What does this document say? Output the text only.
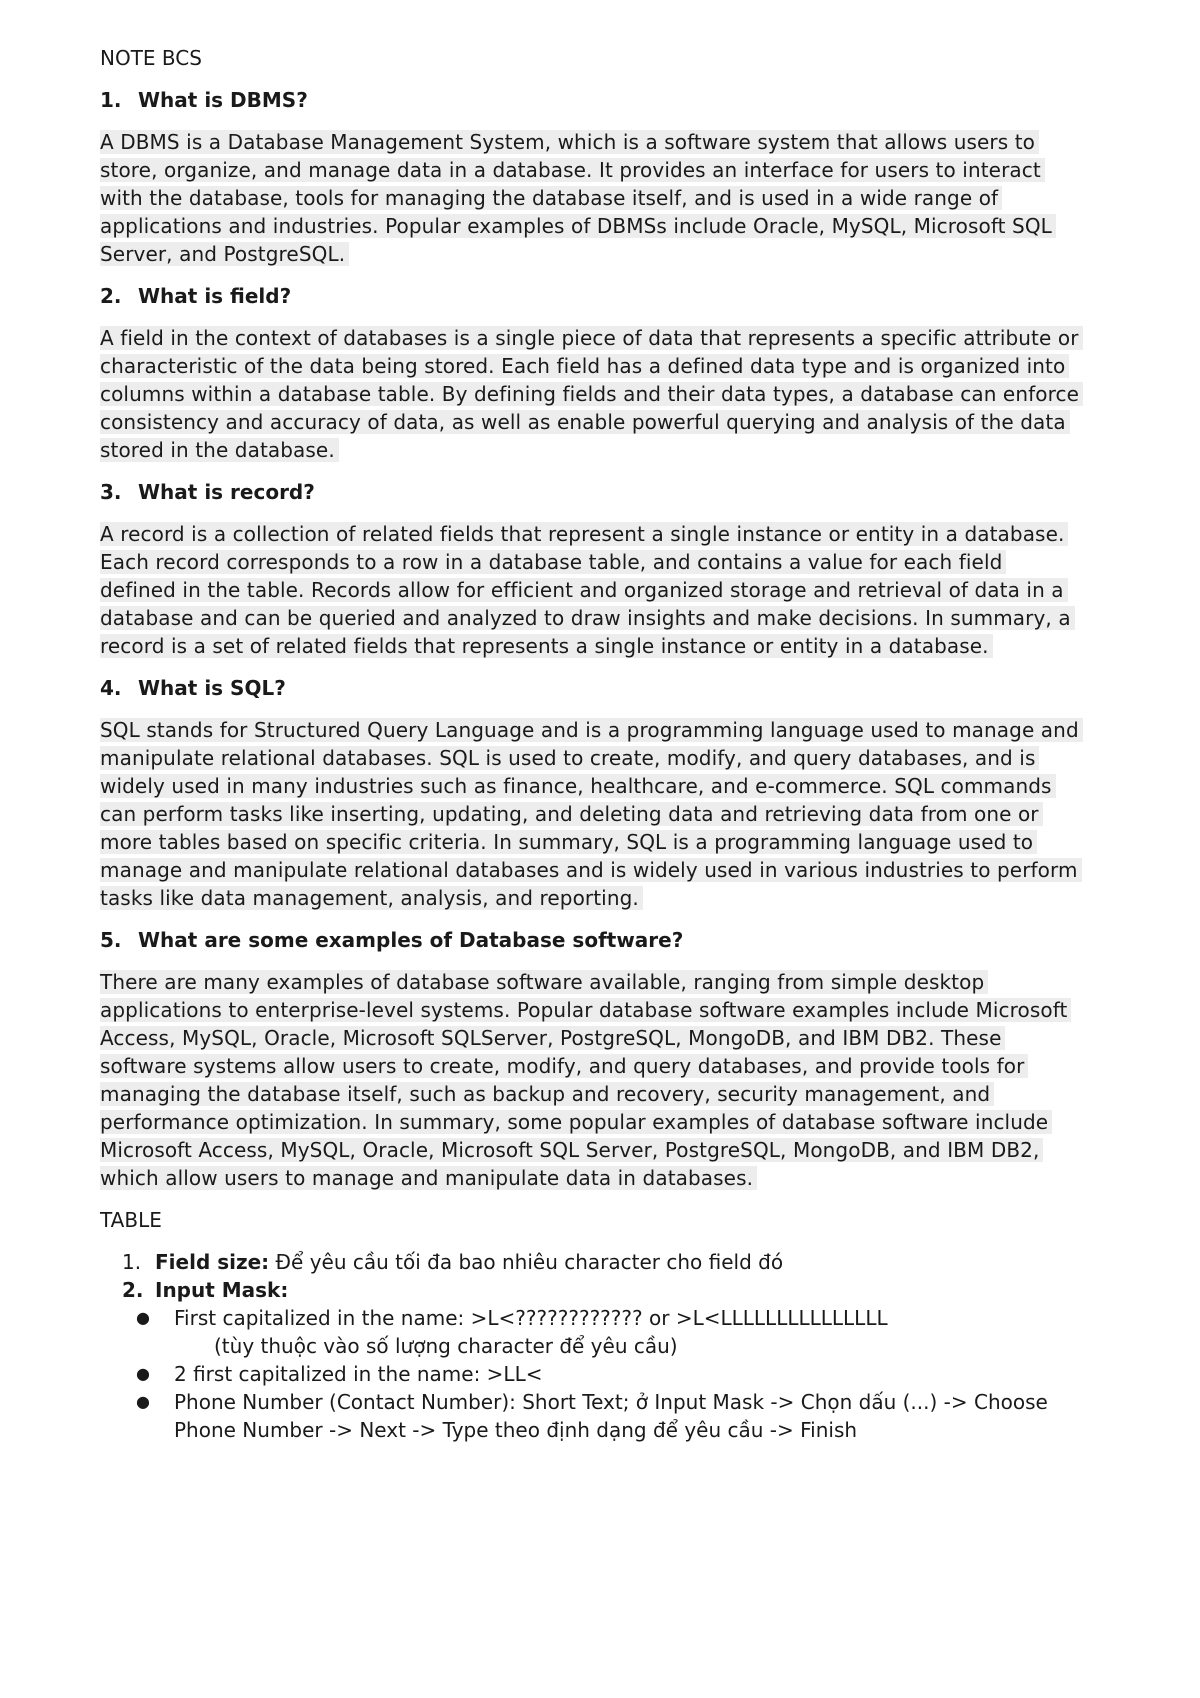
NOTE BCS
1. What is DBMS?
A DBMS is a Database Management System, which is a software system that allows users to store, organize, and manage data in a database. It provides an interface for users to interact with the database, tools for managing the database itself, and is used in a wide range of applications and industries. Popular examples of DBMSs include Oracle, MySQL, Microsoft SQL Server, and PostgreSQL.
2. What is field?
A field in the context of databases is a single piece of data that represents a specific attribute or characteristic of the data being stored. Each field has a defined data type and is organized into columns within a database table. By defining fields and their data types, a database can enforce consistency and accuracy of data, as well as enable powerful querying and analysis of the data stored in the database.
3. What is record?
A record is a collection of related fields that represent a single instance or entity in a database. Each record corresponds to a row in a database table, and contains a value for each field defined in the table. Records allow for efficient and organized storage and retrieval of data in a database and can be queried and analyzed to draw insights and make decisions. In summary, a record is a set of related fields that represents a single instance or entity in a database.
4. What is SQL?
SQL stands for Structured Query Language and is a programming language used to manage and manipulate relational databases. SQL is used to create, modify, and query databases, and is widely used in many industries such as finance, healthcare, and e-commerce. SQL commands can perform tasks like inserting, updating, and deleting data and retrieving data from one or more tables based on specific criteria. In summary, SQL is a programming language used to manage and manipulate relational databases and is widely used in various industries to perform tasks like data management, analysis, and reporting.
5. What are some examples of Database software?
There are many examples of database software available, ranging from simple desktop applications to enterprise-level systems. Popular database software examples include Microsoft Access, MySQL, Oracle, Microsoft SQLServer, PostgreSQL, MongoDB, and IBM DB2. These software systems allow users to create, modify, and query databases, and provide tools for managing the database itself, such as backup and recovery, security management, and performance optimization. In summary, some popular examples of database software include Microsoft Access, MySQL, Oracle, Microsoft SQL Server, PostgreSQL, MongoDB, and IBM DB2, which allow users to manage and manipulate data in databases.
TABLE
1. Field size: Để yêu cầu tối đa bao nhiêu character cho field đó
2. Input Mask:
●	First capitalized in the name: >L<???????????? or >L<LLLLLLLLLLLLLLL
(tùy thuộc vào số lượng character để yêu cầu)
●	2 first capitalized in the name: >LL<
●	Phone Number (Contact Number): Short Text; ở Input Mask -> Chọn dấu (...) -> Choose Phone Number -> Next -> Type theo định dạng để yêu cầu -> Finish
